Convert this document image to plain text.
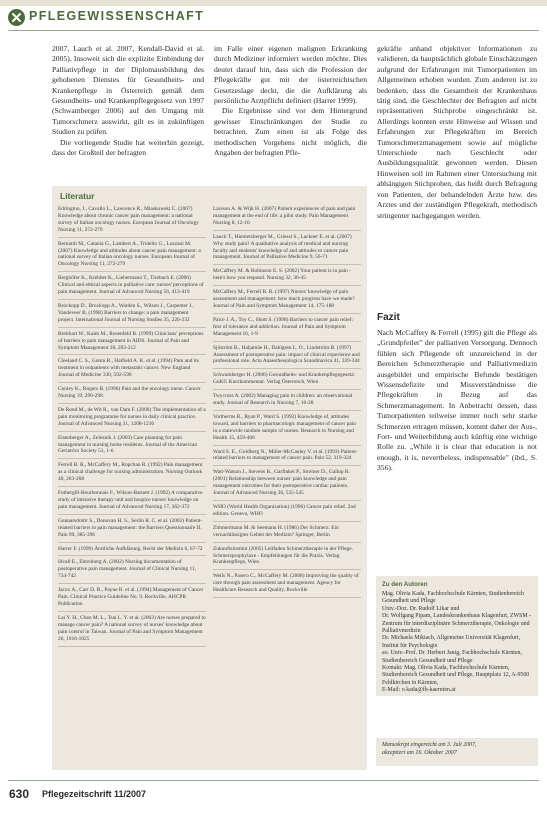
PFLEGEWISSENSCHAFT

2007, Lauch et al. 2007, Kendall-David et al. 2005). Insoweit sich die explizite Einbindung der Palliativpflege in der Diplomausbildung des gehobenen Dienstes für Gesundheits- und Krankenpflege in Österreich gemäß dem Gesundheits- und Krankenpflegegesetz von 1997 (Schwamberger 2006) auf den Umgang mit Tumorschmerz auswirkt, gilt es in zukünftigen Studien zu prüfen.

Die vorliegende Studie hat weiterhin gezeigt, dass der Großteil der befragten

im Falle einer eigenen malignen Erkrankung durch Mediziner informiert werden möchte. Dies deutet darauf hin, dass sich die Profession der Pflegekräfte gut mit der österreichischen Gesetzeslage deckt, die die Aufklärung als persönliche Arztpflicht definiert (Harrer 1999).

Die Ergebnisse sind vor dem Hintergrund gewisser Einschränkungen der Studie zu betrachten. Zum einen ist als Folge des methodischen Vorgehens nicht möglich, die Angaben der befragten Pfle-

gekräfte anhand objektiver Informationen zu validieren, da hauptsächlich globale Einschätzungen aufgrund der Erfahrungen mit Tumorpatienten im Allgemeinen erhoben wurden. Zum anderen ist zu bedenken, dass die Gesamtheit der Krankenhaus tätig sind, die Geschlechter der Befragten auf nicht repräsentativen Stichprobe eingeschränkt ist. Allerdings konnten erste Hinweise auf Wissen und Erfahrungen zur Pflegekräften im Bereich Tumorschmerzmanagement sowie auf mögliche Unterschiede nach Geschlecht oder Ausbildungsqualität gewonnen werden. Diesen Hinweisen soll im Rahmen einer Untersuchung mit abhängigen Stichproben, das heißt durch Befragung von Patienten, der behandelnden Ärzte bzw. des Arztes und der zuständigen Pflegekraft, methodisch stringenter nachgegangen werden.

Literatur
Edrington, J., Cavallo L., Lawrence R., Miaskowski C. (2007) Knowledge about chronic cancer pain management: a national survey of Italian oncology nurses. European Journal of Oncology Nursing 11, 272-279
Bernardi M., Catania G., Lambert A., Tridello G., Luzzani M. (2007) Knowledge and attitudes about cancer pain management: a national survey of Italian oncology nurses. European Journal of Oncology Nursing 11, 272-279
Berghöfer K., Krebber K., Liebermann T., Tirebach E. (2006) Clinical and ethical aspects in palliative care: nurses' perceptions of pain management. Journal of Advanced Nursing 56, 413-419
Brockopp D., Brockopp A., Warden S., Wilson J., Carpenter J., Vandeveer B. (1998) Barriers to change: a pain management project. International Journal of Nursing Studies 35, 226-232
Breitbart W., Kaim M., Rosenfeld B. (1999) Clinicians' perceptions of barriers to pain management in AIDS. Journal of Pain and Symptom Management 18, 203-212
Cleeland C. S., Gonin R., Hatfield A. K. et al. (1994) Pain and its treatment in outpatients with metastatic cancer. New England Journal of Medicine 330, 592-596
Conley K., Rogers B. (1996) Pain and the oncology nurse. Cancer Nursing 19, 290-298
De Rond M., de Wit R., van Dam F. (2000) The implementation of a pain monitoring programme for nurses in daily clinical practice. Journal of Advanced Nursing 31, 1208-1216
Eisenberger A., Zeleznik J. (2003) Care planning for pain management in nursing home residents. Journal of the American Geriatrics Society 51, 1-6
Ferrell B. R., McCaffery M., Ropchan R. (1992) Pain management as a clinical challenge for nursing administration. Nursing Outlook 40, 263-268
Fothergill-Bourbonnais F., Wilson-Barnett J. (1992) A comparative study of intensive therapy unit and hospice nurses' knowledge on pain management. Journal of Advanced Nursing 17, 362-372
Gunnarsdottir S., Donovan H. S., Serlin R. C. et al. (2002) Patient-related barriers to pain management: the Barriers Questionnaire II. Pain 99, 385-396
Harrer F. (1999) Ärztliche Aufklärung. Recht der Medizin 6, 67-72
Idvall E., Ehrenberg A. (2002) Nursing documentation of postoperative pain management. Journal of Clinical Nursing 11, 734-742
Jacox A., Carr D. B., Payne R. et al. (1994) Management of Cancer Pain. Clinical Practice Guideline No. 9. Rockville, AHCPR Publication
Lai Y. H., Chen M. L., Tsai L. Y. et al. (2003) Are nurses prepared to manage cancer pain? A national survey of nurses' knowledge about pain control in Taiwan. Journal of Pain and Symptom Management 26, 1016-1025
Larsson A. & Wijk H. (2007) Patient experiences of pain and pain management at the end of life: a pilot study. Pain Management Nursing 8, 12-16
Lauch T., Hiemetzberger M., Griessl S., Lackner E. et al. (2007) Why study pain? A qualitative analysis of medical and nursing faculty and students' knowledge of and attitudes to cancer pain management. Journal of Palliative Medicine 9, 56-71
McCaffery M. & Robinson E. S. (2002) Your patient is in pain - here's how you respond. Nursing 32, 36-45
McCaffery M., Ferrell B. R. (1997) Nurses' knowledge of pain assessment and management: how much progress have we made? Journal of Pain and Symptom Management 14, 175-188
Paice J. A., Toy C., Shott S. (1998) Barriers to cancer pain relief: fear of tolerance and addiction. Journal of Pain and Symptom Management 16, 1-9
Sjöström B., Haljamäe H., Dahlgren L. O., Lindström B. (1997) Assessment of postoperative pain: impact of clinical experience and professional role. Acta Anaesthesiologica Scandinavica 41, 339-344
Schwamberger H. (2006) Gesundheits- und Krankenpflegegesetz: GuKG Kurzkommentar. Verlag Österreich, Wien
Twycross A. (2002) Managing pain in children: an observational study. Journal of Research in Nursing 7, 16-28
Vortherms R., Ryan P., Ward S. (1992) Knowledge of, attitudes toward, and barriers to pharmacologic management of cancer pain in a statewide random sample of nurses. Research in Nursing and Health 15, 459-466
Ward S. E., Goldberg N., Miller-McCauley V. et al. (1993) Patient-related barriers to management of cancer pain. Pain 52, 319-324
Watt-Watson J., Stevens B., Garfinkel P., Streiner D., Gallop R. (2001) Relationship between nurses' pain knowledge and pain management outcomes for their postoperative cardiac patients. Journal of Advanced Nursing 36, 535-545
WHO (World Health Organization) (1996) Cancer pain relief. 2nd edition. Geneva, WHO
Zimmermann M. & Seemann H. (1986) Der Schmerz: Ein vernachlässigtes Gebiet der Medizin? Springer, Berlin
Zukunftsinstitut (2005) Leitfaden Schmerztherapie in der Pflege. Schmerzprophylaxe - Empfehlungen für die Praxis. Verlag Krankenpflege, Wien
Wells N., Pasero C., McCaffery M. (2008) Improving the quality of care through pain assessment and management. Agency for Healthcare Research and Quality, Rockville
Fazit
Nach McCaffery & Ferrell (1995) gilt die Pflege als „Grundpfeiler" der palliativen Versorgung. Dennoch fühlen sich Pflegende oft unzureichend in der Bereichen Schmerztherapie und Palliativmedizin ausgebildet und empirische Befunde bestätigen Wissensdefizite und Missverständnisse die Pflegekräften in Bezug auf das Schmerzmanagement. In Anbetracht dessen, dass Tumorpatienten teilweise immer noch sehr starke Schmerzen ertragen müssen, kommt daher der Aus-, Fort- und Weiterbildung auch künftig eine wichtige Rolle zu. „While it is clear that education is not enough, it is, nevertheless, indispensable" (ibd., S. 356).
Zu den Autoren
Mag. Olivia Kada, Fachhochschule Kärnten, Studienbereich Gesundheit und Pflege
Univ.-Doz. Dr. Rudolf Likar und
Dr. Wolfgang Pipam, Landeskrankenhaus Klagenfurt, ZWSM - Zentrum für interdisziplinäre Schmerztherapie, Onkologie und Palliativmedizin
Dr. Michaela Mikiach, Allgemeine Universität Klagenfurt, Institut für Psychologie
ao. Univ.-Prof. Dr. Herbert Janig, Fachhochschule Kärnten, Studienbereich Gesundheit und Pflege
Kontakt: Mag. Olivia Kada, Fachhochschule Kärnten, Studienbereich Gesundheit und Pflege, Hauptplatz 12, A-9560 Feldkirchen in Kärnten,
E-Mail: o.kada@fh-kaernten.at
Manuskript eingereicht am 3. Juli 2007,
akzeptiert am 16. Oktober 2007
630 Pflegezeitschrift 11/2007
